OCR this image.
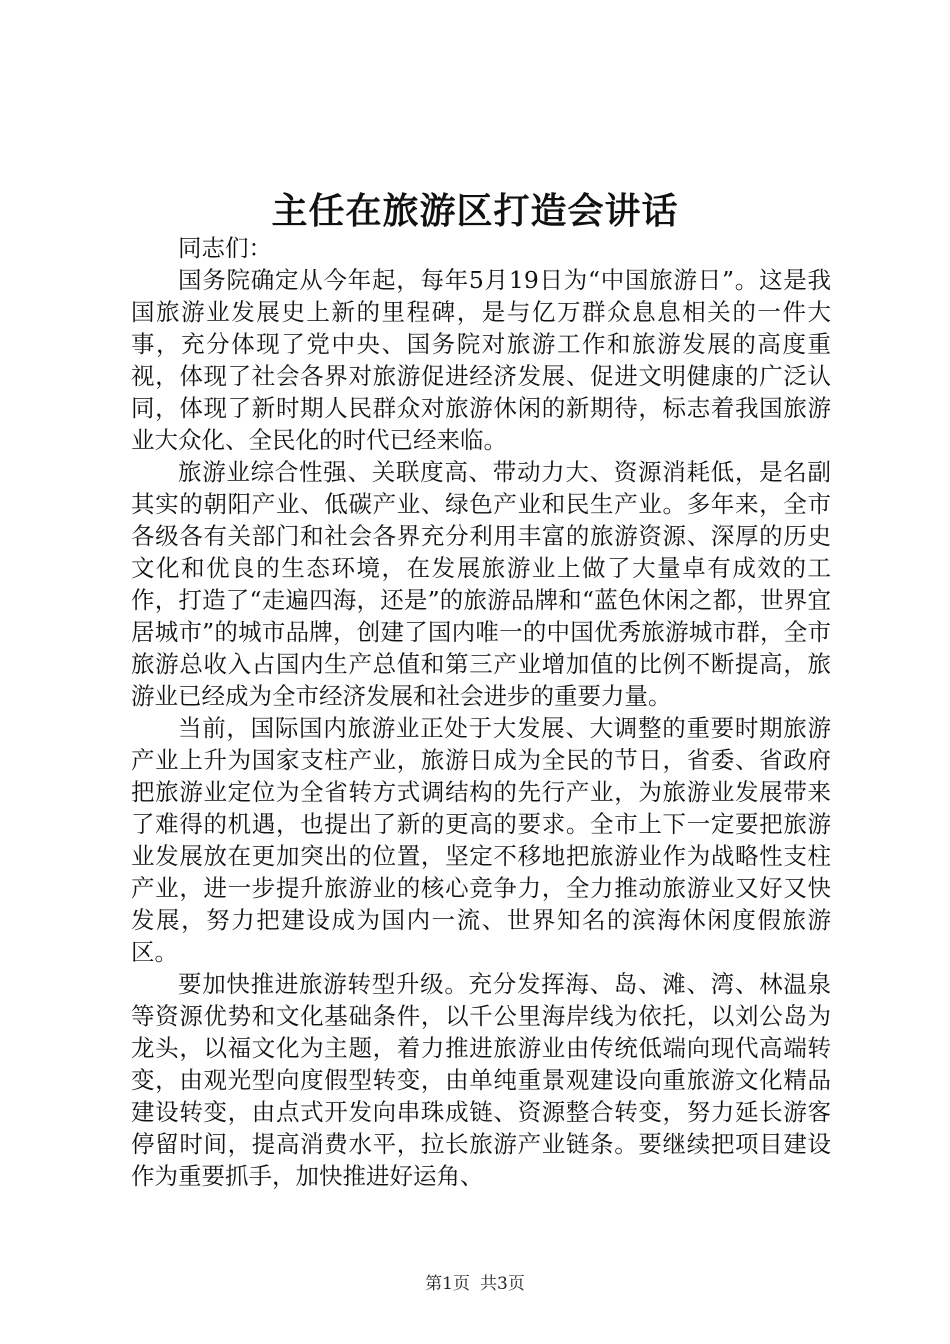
主任在旅游区打造会讲话

同志们：

国务院确定从今年起，每年5月19日为“中国旅游日”。这是我国旅游业发展史上新的里程碑，是与亿万群众息息相关的一件大事，充分体现了党中央、国务院对旅游工作和旅游发展的高度重视，体现了社会各界对旅游促进经济发展、促进文明健康的广泛认同，体现了新时期人民群众对旅游休闲的新期待，标志着我国旅游业大众化、全民化的时代已经来临。

旅游业综合性强、关联度高、带动力大、资源消耗低，是名副其实的朝阳产业、低碳产业、绿色产业和民生产业。多年来，全市各级各有关部门和社会各界充分利用丰富的旅游资源、深厚的历史文化和优良的生态环境，在发展旅游业上做了大量卓有成效的工作，打造了“走遍四海，还是”的旅游品牌和“蓝色休闲之都，世界宜居城市”的城市品牌，创建了国内唯一的中国优秀旅游城市群，全市旅游总收入占国内生产总值和第三产业增加值的比例不断提高，旅游业已经成为全市经济发展和社会进步的重要力量。

当前，国际国内旅游业正处于大发展、大调整的重要时期旅游产业上升为国家支柱产业，旅游日成为全民的节日，省委、省政府把旅游业定位为全省转方式调结构的先行产业，为旅游业发展带来了难得的机遇，也提出了新的更高的要求。全市上下一定要把旅游业发展放在更加突出的位置，坚定不移地把旅游业作为战略性支柱产业，进一步提升旅游业的核心竞争力，全力推动旅游业又好又快发展，努力把建设成为国内一流、世界知名的滨海休闲度假旅游区。

要加快推进旅游转型升级。充分发挥海、岛、滩、湾、林温泉等资源优势和文化基础条件，以千公里海岸线为依托，以刘公岛为龙头，以福文化为主题，着力推进旅游业由传统低端向现代高端转变，由观光型向度假型转变，由单纯重景观建设向重旅游文化精品建设转变，由点式开发向串珠成链、资源整合转变，努力延长游客停留时间，提高消费水平，拉长旅游产业链条。要继续把项目建设作为重要抓手，加快推进好运角、

第1页 共3页
